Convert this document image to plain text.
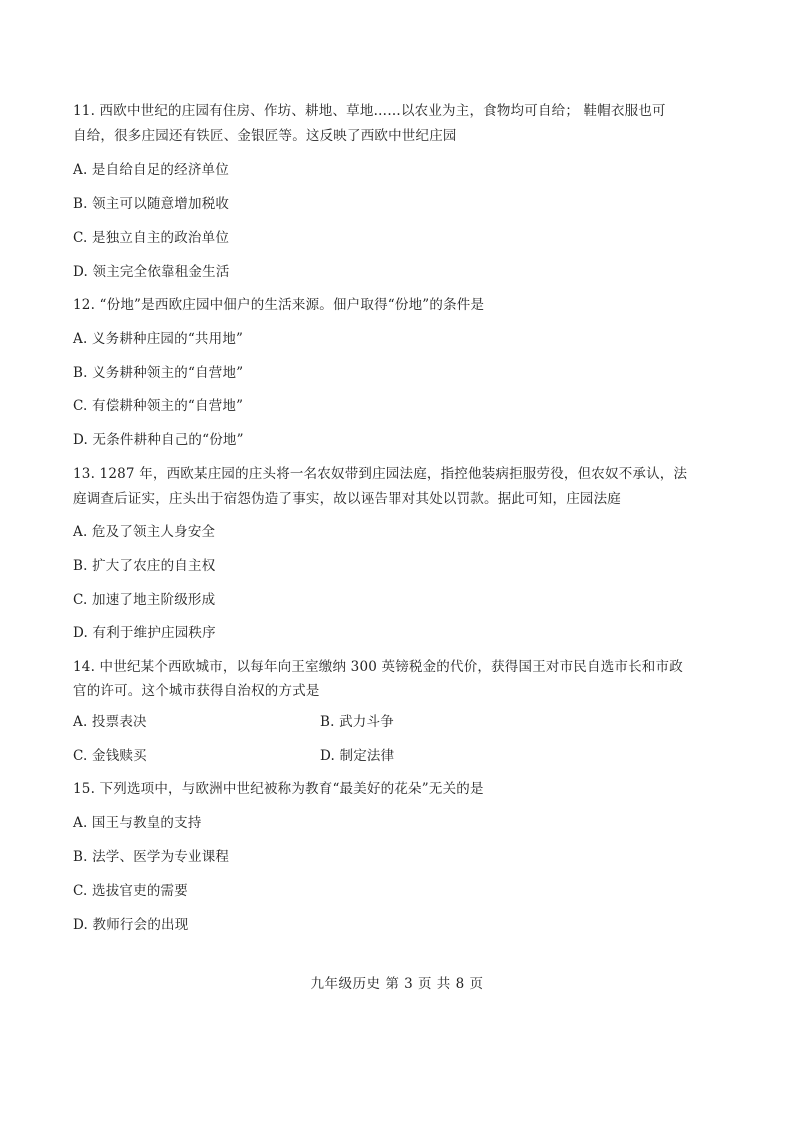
11. 西欧中世纪的庄园有住房、作坊、耕地、草地……以农业为主，食物均可自给； 鞋帽衣服也可
自给，很多庄园还有铁匠、金银匠等。这反映了西欧中世纪庄园
A. 是自给自足的经济单位
B. 领主可以随意增加税收
C. 是独立自主的政治单位
D. 领主完全依靠租金生活
12. “份地”是西欧庄园中佃户的生活来源。佃户取得“份地”的条件是
A. 义务耕种庄园的“共用地”
B. 义务耕种领主的“自营地”
C. 有偿耕种领主的“自营地”
D. 无条件耕种自己的“份地”
13. 1287 年，西欧某庄园的庄头将一名农奴带到庄园法庭，指控他装病拒服劳役，但农奴不承认，法
庭调查后证实，庄头出于宿怨伪造了事实，故以诬告罪对其处以罚款。据此可知，庄园法庭
A. 危及了领主人身安全
B. 扩大了农庄的自主权
C. 加速了地主阶级形成
D. 有利于维护庄园秩序
14. 中世纪某个西欧城市，以每年向王室缴纳 300 英镑税金的代价，获得国王对市民自选市长和市政
官的许可。这个城市获得自治权的方式是
A. 投票表决	B. 武力斗争
C. 金钱赎买	D. 制定法律
15. 下列选项中，与欧洲中世纪被称为教育“最美好的花朵”无关的是
A. 国王与教皇的支持
B. 法学、医学为专业课程
C. 选拔官吏的需要
D. 教师行会的出现
九年级历史 第 3 页 共 8 页
